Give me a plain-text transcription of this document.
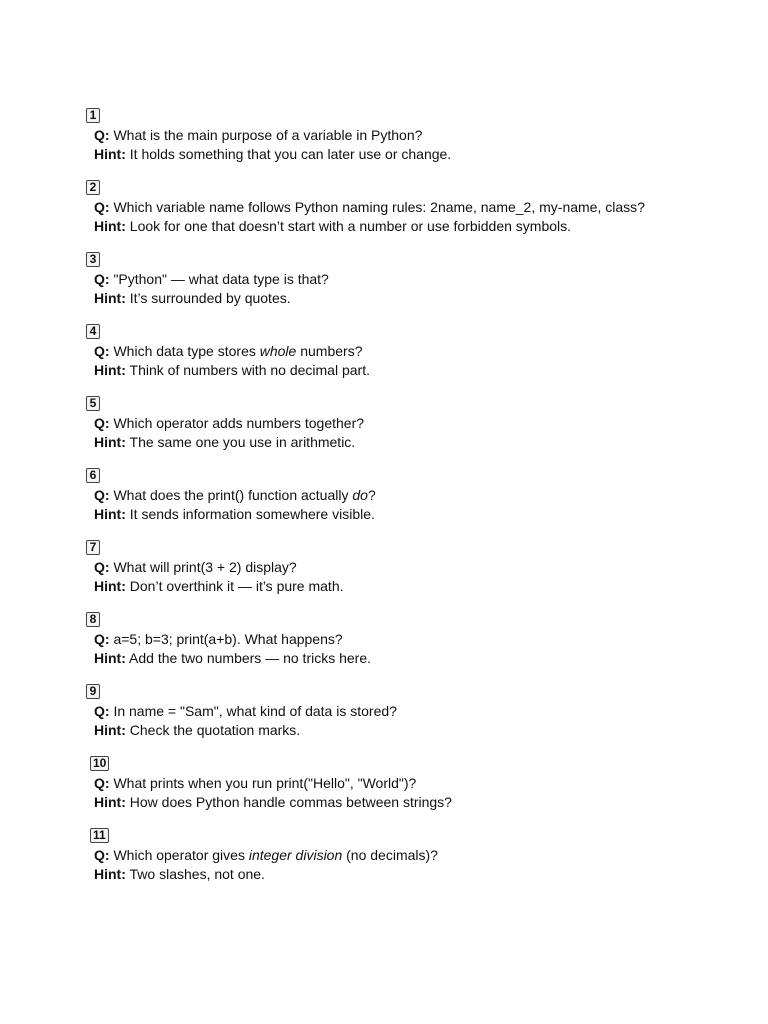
1
Q: What is the main purpose of a variable in Python?
Hint: It holds something that you can later use or change.
2
Q: Which variable name follows Python naming rules: 2name, name_2, my-name, class?
Hint: Look for one that doesn’t start with a number or use forbidden symbols.
3
Q: "Python" — what data type is that?
Hint: It’s surrounded by quotes.
4
Q: Which data type stores whole numbers?
Hint: Think of numbers with no decimal part.
5
Q: Which operator adds numbers together?
Hint: The same one you use in arithmetic.
6
Q: What does the print() function actually do?
Hint: It sends information somewhere visible.
7
Q: What will print(3 + 2) display?
Hint: Don’t overthink it — it’s pure math.
8
Q: a=5; b=3; print(a+b). What happens?
Hint: Add the two numbers — no tricks here.
9
Q: In name = "Sam", what kind of data is stored?
Hint: Check the quotation marks.
10
Q: What prints when you run print("Hello", "World")?
Hint: How does Python handle commas between strings?
11
Q: Which operator gives integer division (no decimals)?
Hint: Two slashes, not one.
